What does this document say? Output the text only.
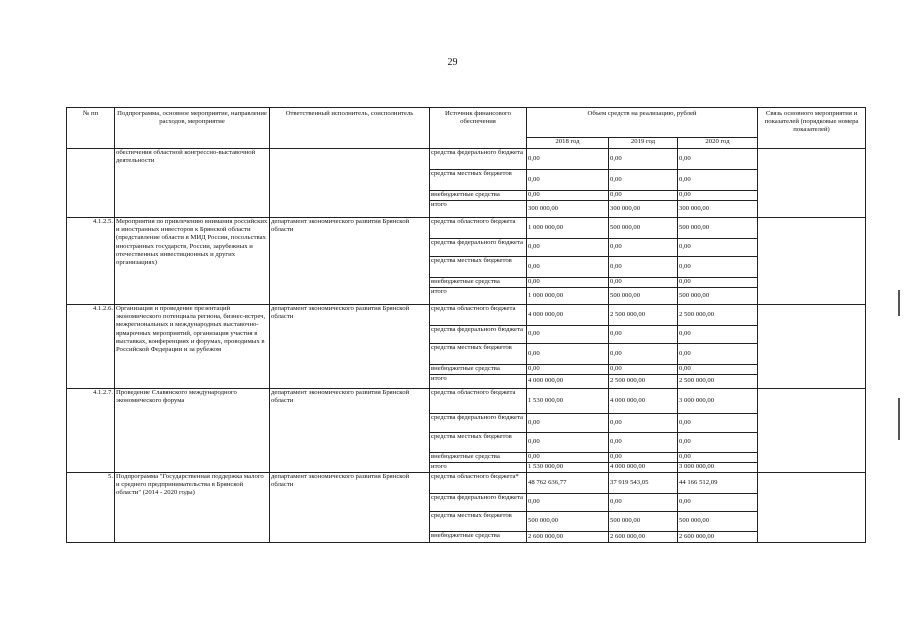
29
№ пп	Подпрограмма, основное мероприятие, направление расходов, мероприятие	Ответственный исполнитель, соисполнитель	Источник финансового обеспечения	Объем средств на реализацию, рублей			Связь основного мероприятия и показателей (порядковые номера показателей)
				2018 год	2019 год	2020 год	
	обеспечения областной конгрессно-выставочной деятельности		средства федерального бюджета	0,00	0,00	0,00	
			средства местных бюджетов	0,00	0,00	0,00	
			внебюджетные средства	0,00	0,00	0,00	
			итого	300 000,00	300 000,00	300 000,00	
4.1.2.5.	Мероприятия по привлечению внимания российских и иностранных инвесторов к Брянской области (представление области в МИД России, посольствах иностранных государств, России, зарубежных и отечественных инвестиционных и других организациях)	департамент экономического развития Брянской области	средства областного бюджета	1 000 000,00	500 000,00	500 000,00	
			средства федерального бюджета	0,00	0,00	0,00	
			средства местных бюджетов	0,00	0,00	0,00	
			внебюджетные средства	0,00	0,00	0,00	
			итого	1 000 000,00	500 000,00	500 000,00	
4.1.2.6.	Организация и проведение презентаций экономического потенциала региона, бизнес-встреч, межрегиональных и международных выставочно-ярмарочных мероприятий, организация участия в выставках, конференциях и форумах, проводимых в Российской Федерации и за рубежом	департамент экономического развития Брянской области	средства областного бюджета	4 000 000,00	2 500 000,00	2 500 000,00	
			средства федерального бюджета	0,00	0,00	0,00	
			средства местных бюджетов	0,00	0,00	0,00	
			внебюджетные средства	0,00	0,00	0,00	
			итого	4 000 000,00	2 500 000,00	2 500 000,00	
4.1.2.7.	Проведение Славянского международного экономического форума	департамент экономического развития Брянской области	средства областного бюджета	1 530 000,00	4 000 000,00	3 000 000,00	
			средства федерального бюджета	0,00	0,00	0,00	
			средства местных бюджетов	0,00	0,00	0,00	
			внебюджетные средства	0,00	0,00	0,00	
			итого	1 530 000,00	4 000 000,00	3 000 000,00	
5.	Подпрограмма "Государственная поддержка малого и среднего предпринимательства в Брянской области" (2014 - 2020 годы)	департамент экономического развития Брянской области	средства областного бюджета*	48 762 636,77	37 919 543,05	44 166 512,09	
			средства федерального бюджета	0,00	0,00	0,00	
			средства местных бюджетов	500 000,00	500 000,00	500 000,00	
			внебюджетные средства	2 600 000,00	2 600 000,00	2 600 000,00	
